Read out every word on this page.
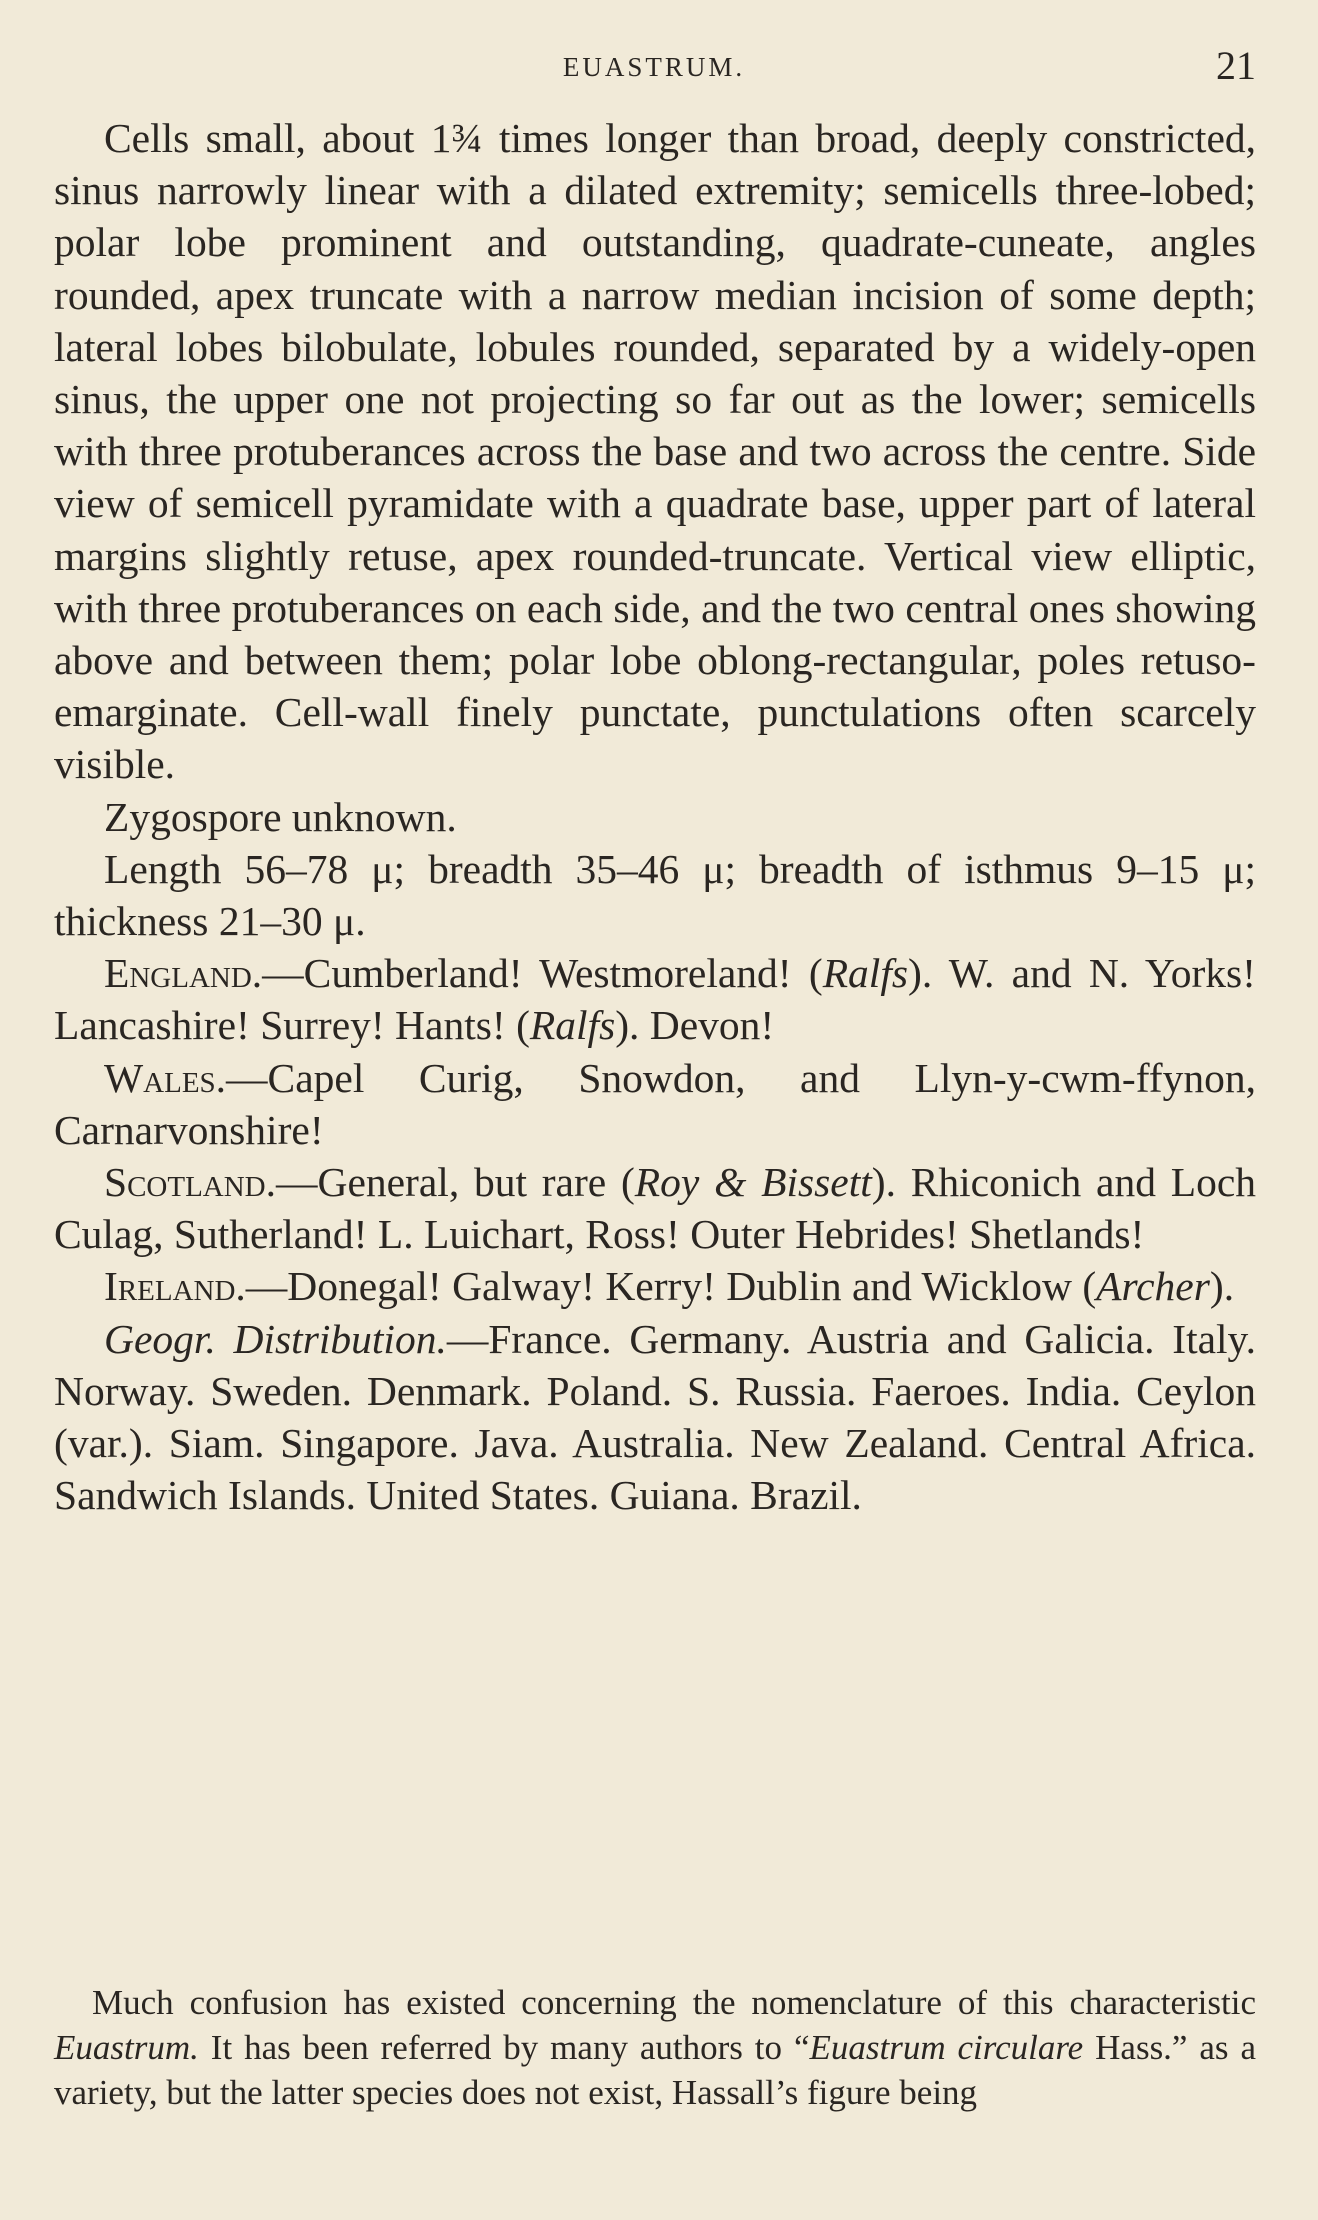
EUASTRUM.	21

Cells small, about 1¾ times longer than broad, deeply constricted, sinus narrowly linear with a dilated extremity; semicells three-lobed; polar lobe prominent and outstanding, quadrate-cuneate, angles rounded, apex truncate with a narrow median incision of some depth; lateral lobes bilobulate, lobules rounded, separated by a widely-open sinus, the upper one not projecting so far out as the lower; semicells with three protuberances across the base and two across the centre. Side view of semicell pyramidate with a quadrate base, upper part of lateral margins slightly retuse, apex rounded-truncate. Vertical view elliptic, with three protuberances on each side, and the two central ones showing above and between them; polar lobe oblong-rectangular, poles retuso-emarginate. Cell-wall finely punctate, punctulations often scarcely visible.

Zygospore unknown.

Length 56–78 μ; breadth 35–46 μ; breadth of isthmus 9–15 μ; thickness 21–30 μ.

England.—Cumberland! Westmoreland! (Ralfs). W. and N. Yorks! Lancashire! Surrey! Hants! (Ralfs). Devon!

Wales.—Capel Curig, Snowdon, and Llyn-y-cwm-ffynon, Carnarvonshire!

Scotland.—General, but rare (Roy & Bissett). Rhiconich and Loch Culag, Sutherland! L. Luichart, Ross! Outer Hebrides! Shetlands!

Ireland.—Donegal! Galway! Kerry! Dublin and Wicklow (Archer).

Geogr. Distribution.—France. Germany. Austria and Galicia. Italy. Norway. Sweden. Denmark. Poland. S. Russia. Faeroes. India. Ceylon (var.). Siam. Singapore. Java. Australia. New Zealand. Central Africa. Sandwich Islands. United States. Guiana. Brazil.

Much confusion has existed concerning the nomenclature of this characteristic Euastrum. It has been referred by many authors to “Euastrum circulare Hass.” as a variety, but the latter species does not exist, Hassall’s figure being
